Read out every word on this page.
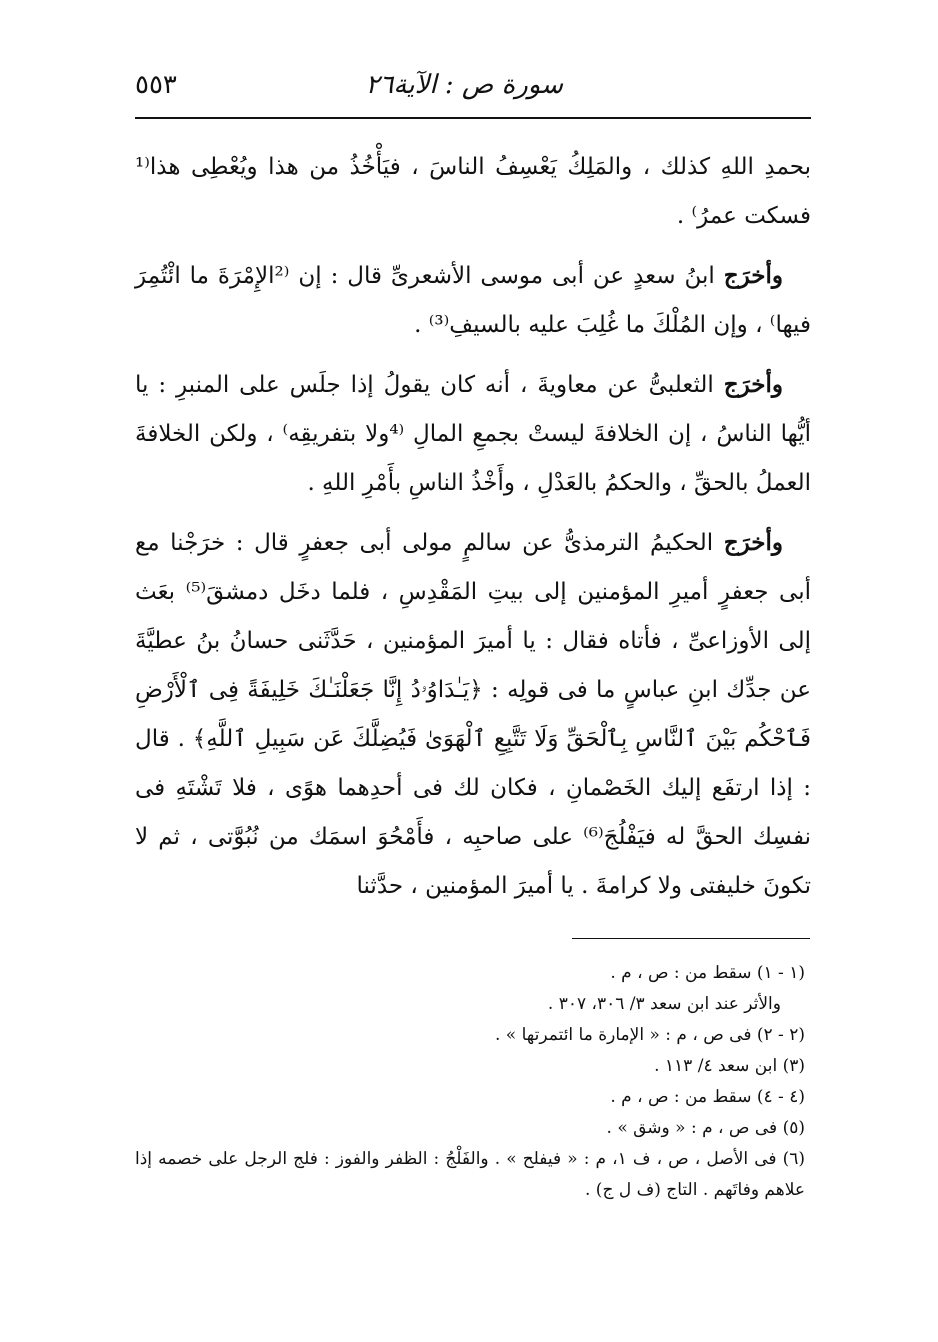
سورة ص : الآية٢٦
٥٥٣

بحمدِ اللهِ كذلك ، والمَلِكُ يَعْسِفُ الناسَ ، فيَأْخُذُ من هذا ويُعْطِى هذا⁽¹ فسكت عمرُ⁾ .

وأخرَج ابنُ سعدٍ عن أبى موسى الأشعرىِّ قال : إن ⁽²الإِمْرَةَ ما ائْتُمِرَ فيها⁾ ، وإن المُلْكَ ما غُلِبَ عليه بالسيفِ⁽³⁾ .

وأخرَج الثعلبىُّ عن معاويةَ ، أنه كان يقولُ إذا جلَس على المنبرِ : يا أيُّها الناسُ ، إن الخلافةَ ليستْ بجمعِ المالِ ⁽⁴ولا بتفريقِه⁾ ، ولكن الخلافةَ العملُ بالحقِّ ، والحكمُ بالعَدْلِ ، وأَخْذُ الناسِ بأَمْرِ اللهِ .

وأخرَج الحكيمُ الترمذىُّ عن سالمٍ مولى أبى جعفرٍ قال : خرَجْنا مع أبى جعفرٍ أميرِ المؤمنين إلى بيتِ المَقْدِسِ ، فلما دخَل دمشقَ⁽⁵⁾ بعَث إلى الأوزاعىِّ ، فأتاه فقال : يا أميرَ المؤمنين ، حَدَّثَنى حسانُ بنُ عطيَّةَ عن جدِّك ابنِ عباسٍ ما فى قولِه : ﴿يَـٰدَاوُۥدُ إِنَّا جَعَلْنَـٰكَ خَلِيفَةً فِى ٱلْأَرْضِ فَٱحْكُم بَيْنَ ٱلنَّاسِ بِٱلْحَقِّ وَلَا تَتَّبِعِ ٱلْهَوَىٰ فَيُضِلَّكَ عَن سَبِيلِ ٱللَّهِ﴾ . قال : إذا ارتفَع إليك الخَصْمانِ ، فكان لك فى أحدِهما هوًى ، فلا تَشْتَهِ فى نفسِك الحقَّ له فيَفْلُجَ⁽⁶⁾ على صاحبِه ، فأَمْحُوَ اسمَك من نُبُوَّتى ، ثم لا تكونَ خليفتى ولا كرامةَ . يا أميرَ المؤمنين ، حدَّثنا

(١ - ١) سقط من : ص ، م .

والأثر عند ابن سعد ٣/ ٣٠٦، ٣٠٧ .

(٢ - ٢) فى ص ، م : « الإمارة ما ائتمرتها » .

(٣) ابن سعد ٤/ ١١٣ .

(٤ - ٤) سقط من : ص ، م .

(٥) فى ص ، م : « وشق » .

(٦) فى الأصل ، ص ، ف ١، م : « فيفلح » . والفَلْجُ : الظفر والفوز : فلج الرجل على خصمه إذا علاهم وفاتَهم . التاج (ف ل ج) .
